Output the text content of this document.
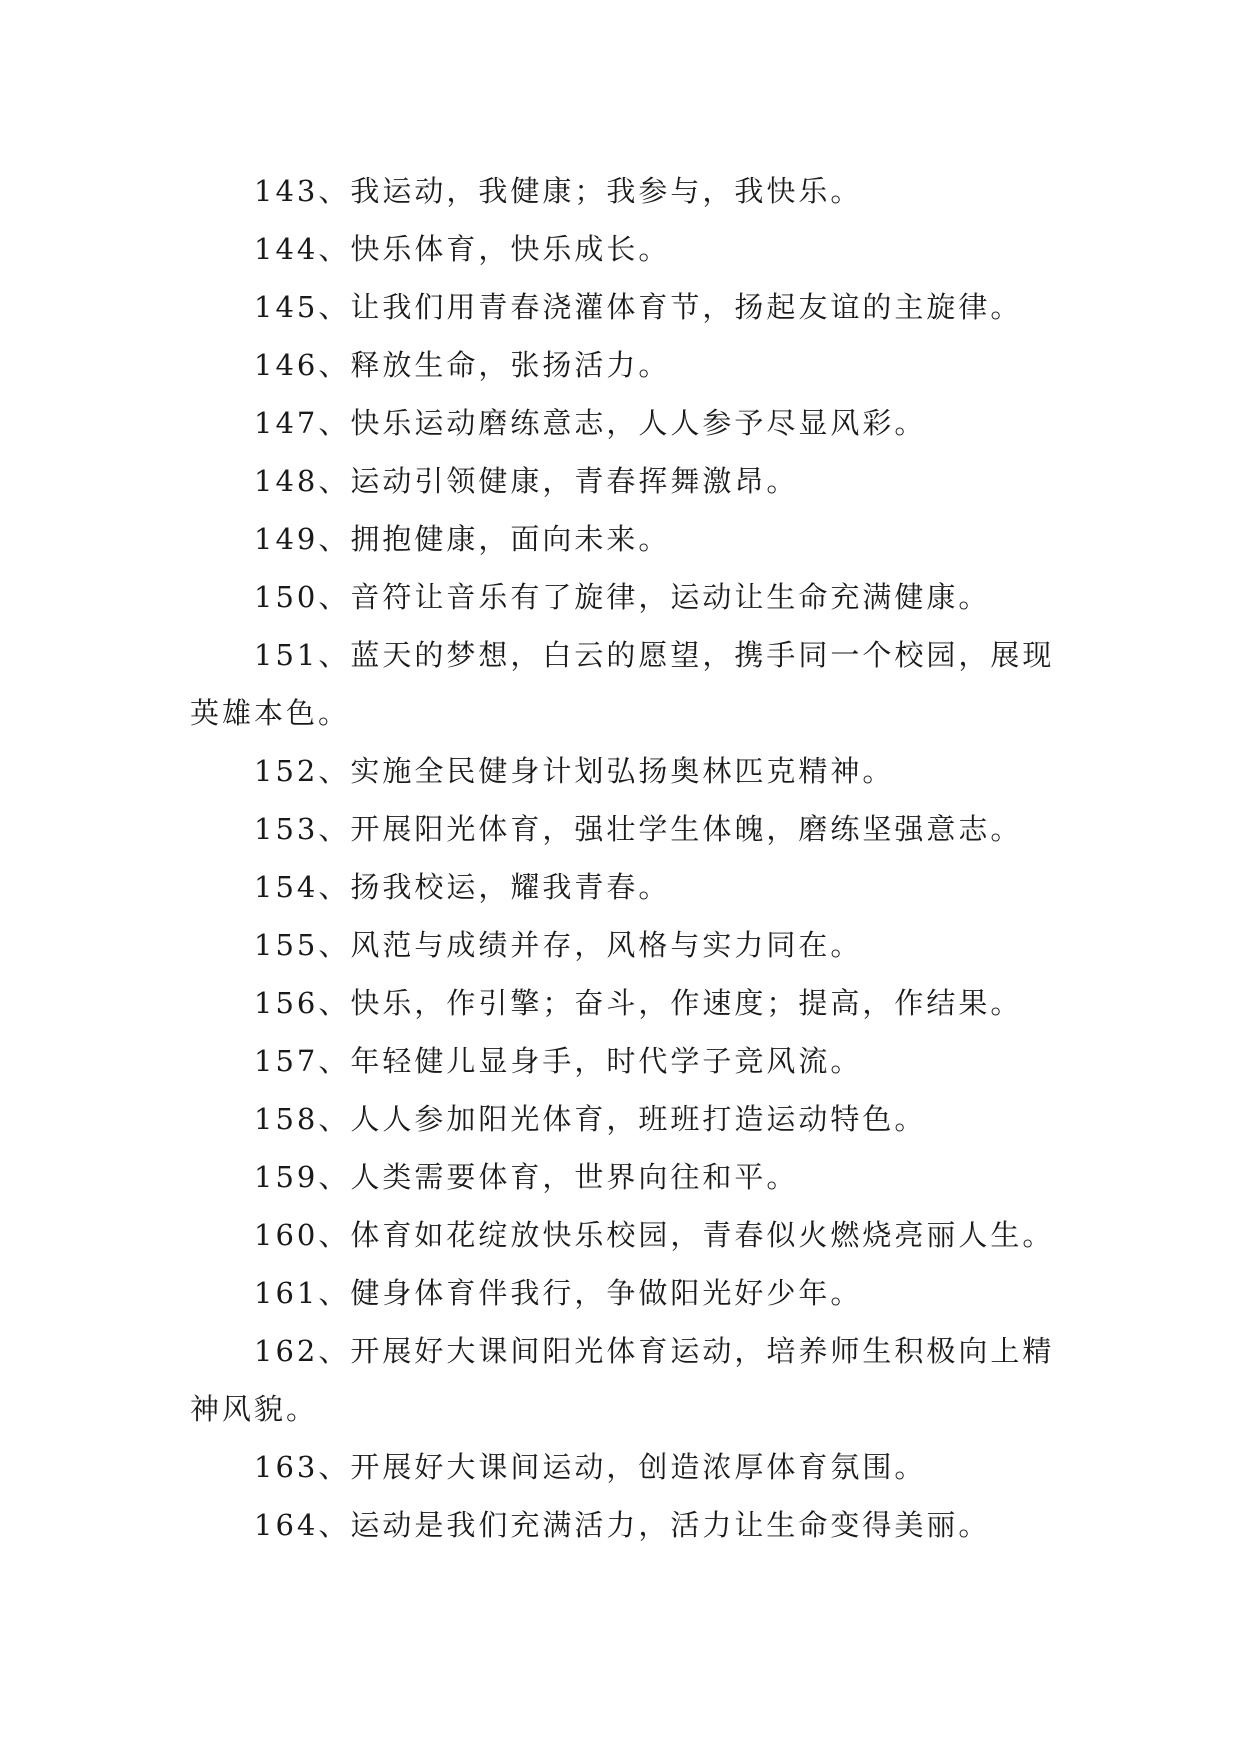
143、我运动，我健康；我参与，我快乐。

144、快乐体育，快乐成长。

145、让我们用青春浇灌体育节，扬起友谊的主旋律。

146、释放生命，张扬活力。

147、快乐运动磨练意志，人人参予尽显风彩。

148、运动引领健康，青春挥舞激昂。

149、拥抱健康，面向未来。

150、音符让音乐有了旋律，运动让生命充满健康。

151、蓝天的梦想，白云的愿望，携手同一个校园，展现英雄本色。

152、实施全民健身计划弘扬奥林匹克精神。

153、开展阳光体育，强壮学生体魄，磨练坚强意志。

154、扬我校运，耀我青春。

155、风范与成绩并存，风格与实力同在。

156、快乐，作引擎；奋斗，作速度；提高，作结果。

157、年轻健儿显身手，时代学子竞风流。

158、人人参加阳光体育，班班打造运动特色。

159、人类需要体育，世界向往和平。

160、体育如花绽放快乐校园，青春似火燃烧亮丽人生。

161、健身体育伴我行，争做阳光好少年。

162、开展好大课间阳光体育运动，培养师生积极向上精神风貌。

163、开展好大课间运动，创造浓厚体育氛围。

164、运动是我们充满活力，活力让生命变得美丽。
